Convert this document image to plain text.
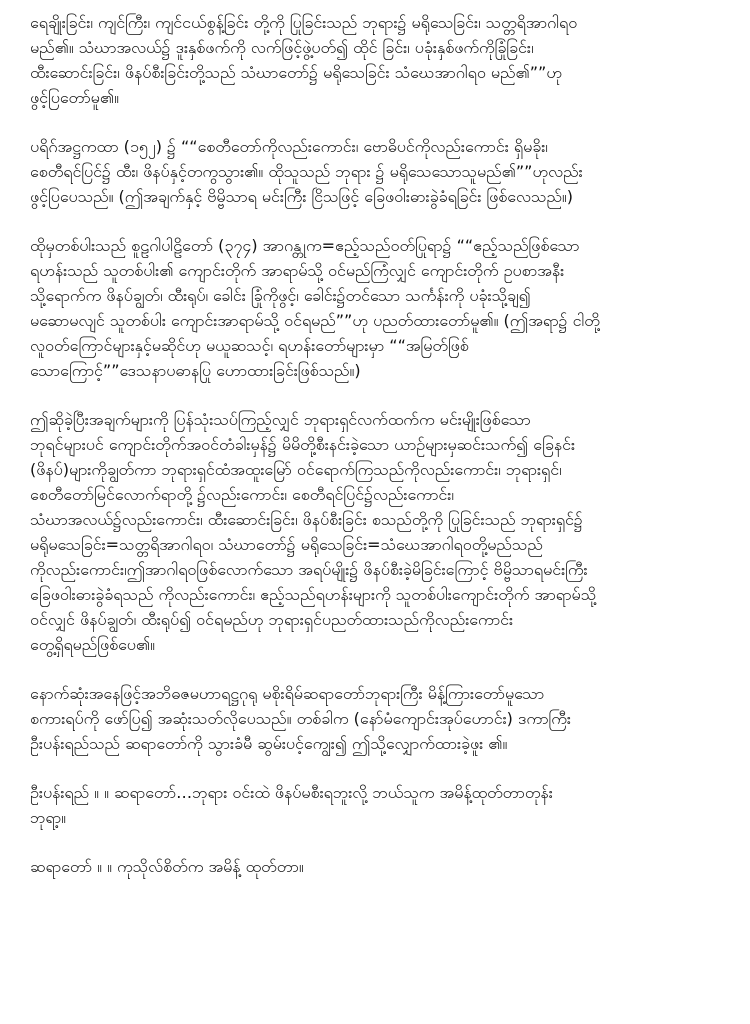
ရေချိုးခြင်း၊ ကျင်ကြီး၊ ကျင်ငယ်စွန့်ခြင်း တို့ကို ပြုခြင်းသည် ဘုရား၌ မရိုသေခြင်း၊ သတ္တရိအာဂါရဝ
မည်၏။ သံဃာအလယ်၌ ဒူးနှစ်ဖက်ကို လက်ဖြင့်ဖွဲ့ပတ်၍ ထိုင် ခြင်း၊ ပခုံးနှစ်ဖက်ကိုခြုံခြင်း၊
ထီးဆောင်းခြင်း၊ ဖိနပ်စီးခြင်းတို့သည် သံဃာတော်၌ မရိုသေခြင်း သံဃေအာဂါရဝ မည်၏””ဟု
ဖွင့်ပြတော်မူ၏။
ပရိဂ်အဋ္ဌကထာ (၁၅၂) ၌ ““စေတီတော်ကိုလည်းကောင်း၊ ဗောဓိပင်ကိုလည်းကောင်း ရှိမခိုး၊
စေတီရင်ပြင်၌ ထီး၊ ဖိနပ်နှင့်တကွသွား၏။ ထိုသူသည် ဘုရား ၌ မရိုသေသောသူမည်၏””ဟုလည်း
ဖွင့်ပြပေသည်။ (ဤအချက်နှင့် ဗိမ္ဗိသာရ မင်းကြီး ငြိသဖြင့် ခြေဖဝါးဓားခွဲခံရခြင်း ဖြစ်လေသည်။)
ထိုမှတစ်ပါးသည် စူဠဂါပါဠိတော် (၃၇၄) အာဂန္တုက=ဧည့်သည်ဝတ်ပြုရာ၌ ““ဧည့်သည်ဖြစ်သော
ရဟန်းသည် သူတစ်ပါး၏ ကျောင်းတိုက် အာရာမ်သို့ ဝင်မည်ကြံလျှင် ကျောင်းတိုက် ဥပစာအနီး
သို့ရောက်က ဖိနပ်ချွတ်၊ ထီးရုပ်၊ ခေါင်း ခြုံကိုဖွင့်၊ ခေါင်း၌တင်သော သင်္ကန်းကို ပခုံးသို့ချ၍
မဆောမလျင် သူတစ်ပါး ကျောင်းအာရာမ်သို့ ဝင်ရမည်””ဟု ပညတ်ထားတော်မူ၏။ (ဤအရာ၌ ငါတို့
လူဝတ်ကြောင်များနှင့်မဆိုင်ဟု မယူဆသင့်၊ ရဟန်းတော်များမှာ ““အမြတ်ဖြစ်
သောကြောင့်””ဒေသနာပဓာနပြု ဟောထားခြင်းဖြစ်သည်။)
ဤဆိုခဲ့ပြီးအချက်များကို ပြန်သုံးသပ်ကြည့်လျှင် ဘုရားရှင်လက်ထက်က မင်းမျိုးဖြစ်သော
ဘုရင်များပင် ကျောင်းတိုက်အဝင်တံခါးမှန်၌ မိမိတို့စီးနင်းခဲ့သော ယာဉ်များမှဆင်းသက်၍ ခြေနင်း
(ဖိနပ်)များကိုချွတ်ကာ ဘုရားရှင်ထံအထူးမြော် ဝင်ရောက်ကြသည်ကိုလည်းကောင်း၊ ဘုရားရှင်၊
စေတီတော်မြင်လောက်ရာတို့ ၌လည်းကောင်း၊ စေတီရင်ပြင်၌လည်းကောင်း၊
သံဃာအလယ်၌လည်းကောင်း၊ ထီးဆောင်းခြင်း၊ ဖိနပ်စီးခြင်း စသည်တို့ကို ပြုခြင်းသည် ဘုရားရှင်၌
မရိုမသေခြင်း=သတ္တရိအာဂါရဝ၊ သံဃာတော်၌ မရိုသေခြင်း=သံဃေအာဂါရဝတို့မည်သည်
ကိုလည်းကောင်း၊ဤအာဂါရဝဖြစ်လောက်သော အရပ်မျိုး၌ ဖိနပ်စီးခဲ့မိခြင်းကြောင့် ဗိမ္ဗိသာရမင်းကြီး
ခြေဖဝါးဓားခွဲခံရသည် ကိုလည်းကောင်း၊ ဧည့်သည်ရဟန်းများကို သူတစ်ပါးကျောင်းတိုက် အာရာမ်သို့
ဝင်လျှင် ဖိနပ်ချွတ်၊ ထီးရုပ်၍ ဝင်ရမည်ဟု ဘုရားရှင်ပညတ်ထားသည်ကိုလည်းကောင်း
တွေ့ရှိရမည်ဖြစ်ပေ၏။
နောက်ဆုံးအနေဖြင့်အဘိဓဇမဟာရဋ္ဌဂုရု မစိုးရိမ်ဆရာတော်ဘုရားကြီး မိန့်ကြားတော်မူသော
စကားရပ်ကို ဖော်ပြ၍ အဆုံးသတ်လိုပေသည်။ တစ်ခါက (နော်မံကျောင်းအုပ်ဟောင်း) ဒကာကြီး
ဦးပန်းရည်သည် ဆရာတော်ကို သွားခံမီ ဆွမ်းပင့်ကျွေး၍ ဤသို့လျှောက်ထားခဲ့ဖူး ၏။
ဦးပန်းရည် ။ ။ ဆရာတော်…ဘုရား ဝင်းထဲ ဖိနပ်မစီးရဘူးလို့ ဘယ်သူက အမိန့်ထုတ်တာတုန်း
ဘုရာ့။
ဆရာတော် ။ ။ ကုသိုလ်စိတ်က အမိန့် ထုတ်တာ။
